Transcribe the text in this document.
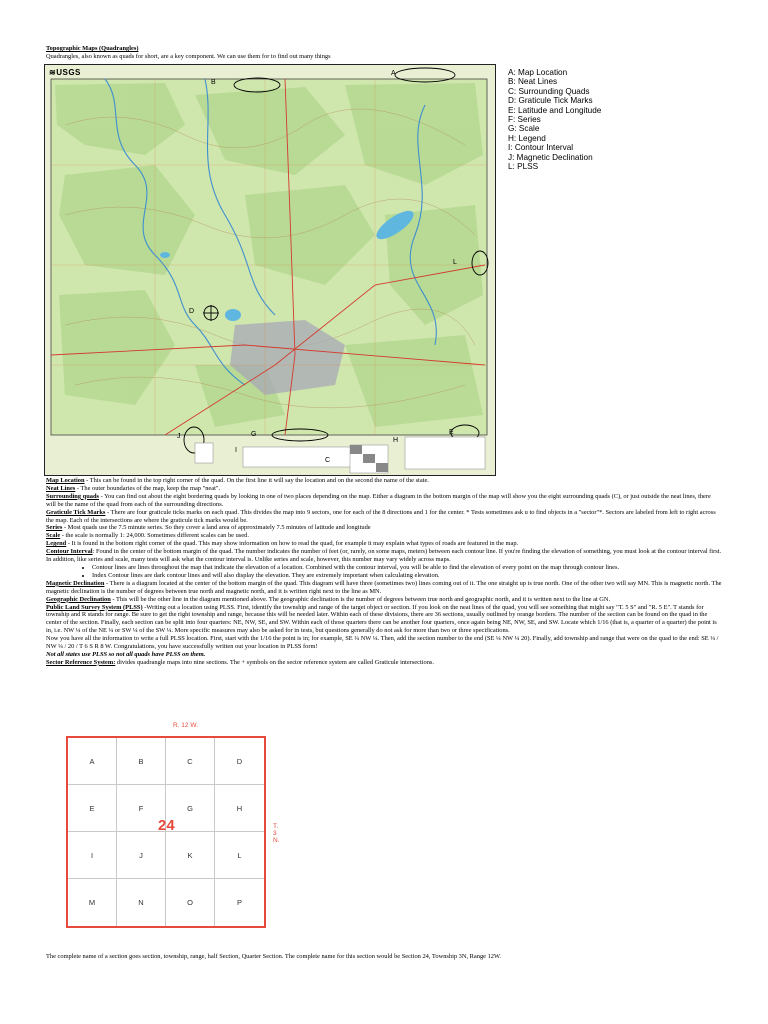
Topographic Maps (Quadrangles)
Quadrangles, also known as quads for short, are a key component. We can use them for to find out many things
≋USGS
B
A
D
L
J	G
I
C
H
E
A: Map Location
B: Neat Lines
C: Surrounding Quads
D: Graticule Tick Marks
E: Latitude and Longitude
F: Series
G: Scale
H: Legend
I: Contour Interval
J: Magnetic Declination
L: PLSS

Map Location - This can be found in the top right corner of the quad. On the first line it will say the location and on the second the name of the state.

Neat Lines - The outer boundaries of the map, keep the map "neat".

Surrounding quads - You can find out about the eight bordering quads by looking in one of two places depending on the map. Either a diagram in the bottom margin of the map will show you the eight surrounding quads (C), or just outside the neat lines, there will be the name of the quad from each of the surrounding directions.

Graticule Tick Marks - There are four graticule ticks marks on each quad. This divides the map into 9 sectors, one for each of the 8 directions and 1 for the center. * Tests sometimes ask u to find objects in a "sector"*. Sectors are labeled from left to right across the map. Each of the intersections are where the graticule tick marks would be.

Series - Most quads use the 7.5 minute series. So they cover a land area of approximately 7.5 minutes of latitude and longitude

Scale - the scale is normally 1: 24,000. Sometimes different scales can be used.

Legend - It is found in the bottom right corner of the quad. This may show information on how to read the quad, for example it may explain what types of roads are featured in the map.

Contour Interval: Found in the center of the bottom margin of the quad. The number indicates the number of feet (or, rarely, on some maps, meters) between each contour line. If you're finding the elevation of something, you must look at the contour interval first. In addition, like series and scale, many tests will ask what the contour interval is. Unlike series and scale, however, this number may vary widely across maps.

• Contour lines are lines throughout the map that indicate the elevation of a location. Combined with the contour interval, you will be able to find the elevation of every point on the map through contour lines.
• Index Contour lines are dark contour lines and will also display the elevation. They are extremely important when calculating elevation.

Magnetic Declination - There is a diagram located at the center of the bottom margin of the quad. This diagram will have three (sometimes two) lines coming out of it. The one straight up is true north. One of the other two will say MN. This is magnetic north. The magnetic declination is the number of degrees between true north and magnetic north, and it is written right next to the line as MN.

Geographic Declination - This will be the other line in the diagram mentioned above. The geographic declination is the number of degrees between true north and geographic north, and it is written next to the line at GN.

Public Land Survey System (PLSS) -Writing out a location using PLSS. First, identify the township and range of the target object or section. If you look on the neat lines of the quad, you will see something that might say "T. 5 S" and "R. 5 E". T stands for township and R stands for range. Be sure to get the right township and range, because this will be needed later. Within each of these divisions, there are 36 sections, usually outlined by orange borders. The number of the section can be found on the quad in the center of the section. Finally, each section can be split into four quarters: NE, NW, SE, and SW. Within each of those quarters there can be another four quarters, once again being NE, NW, SE, and SW. Locate which 1/16 (that is, a quarter of a quarter) the point is in, i.e. NW ¼ of the NE ¼ or SW ¼ of the SW ¼. More specific measures may also be asked for in tests, but questions generally do not ask for more than two or three specifications.

Now you have all the information to write a full PLSS location. First, start with the 1/16 the point is in; for example, SE ¼ NW ¼. Then, add the section number to the end (SE ¼ NW ¼ 20). Finally, add township and range that were on the quad to the end: SE ¼ / NW ¼ / 20 / T 6 S R 8 W. Congratulations, you have successfully written out your location in PLSS form!

Not all states use PLSS so not all quads have PLSS on them.

Sector Reference System: divides quadrangle maps into nine sections. The + symbols on the sector reference system are called Graticule intersections.

R. 12 W.
A	B	C	D
E	F	G	H
I	J	K	L
M	N	O	P
24	T. 3 N.
The complete name of a section goes section, township, range, half Section, Quarter Section. The complete name for this section would be Section 24, Township 3N, Range 12W.
